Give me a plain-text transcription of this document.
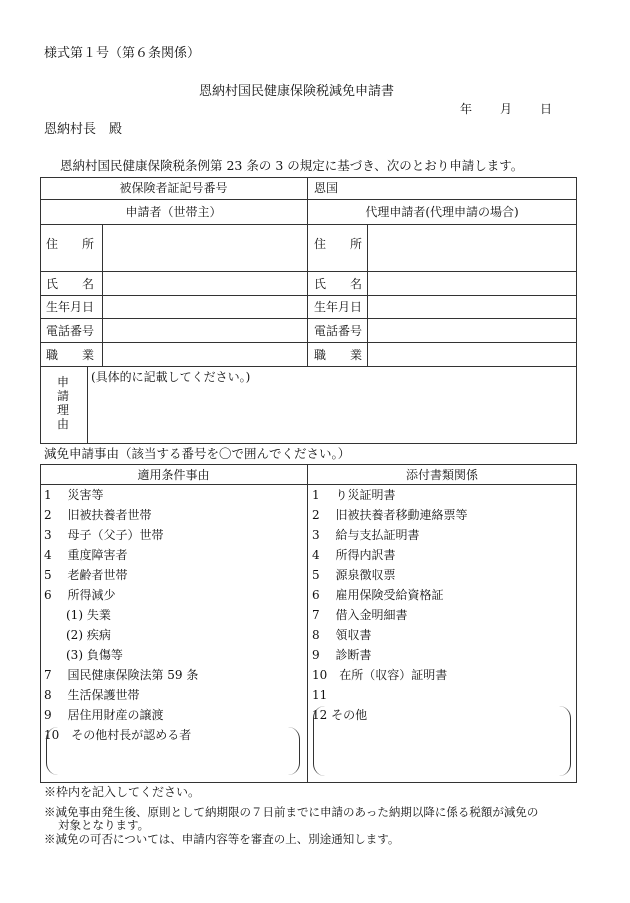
様式第１号（第６条関係）
恩納村国民健康保険税減免申請書
年 月 日
恩納村長　殿
恩納村国民健康保険税条例第 23 条の 3 の規定に基づき、次のとおり申請します。
被保険者証記号番号	恩国
申請者（世帯主）	代理申請者(代理申請の場合)
住　　所	住　　所
氏　　名	氏　　名
生年月日	生年月日
電話番号	電話番号
職　　業	職　　業
申
請
理
由
(具体的に記載してください。)
減免申請事由（該当する番号を〇で囲んでください。）
適用条件事由	添付書類関係
1　 災害等
2　 旧被扶養者世帯
3　 母子（父子）世帯
4　 重度障害者
5　 老齢者世帯
6　 所得減少
(1) 失業
(2) 疾病
(3) 負傷等
7　 国民健康保険法第 59 条
8　 生活保護世帯
9　 居住用財産の譲渡
10　その他村長が認める者
1　 り災証明書
2　 旧被扶養者移動連絡票等
3　 給与支払証明書
4　 所得内訳書
5　 源泉徴収票
6　 雇用保険受給資格証
7　 借入金明細書
8　 領収書
9　 診断書
10　在所（収容）証明書
11
12 その他
※枠内を記入してください。
※減免事由発生後、原則として納期限の７日前までに申請のあった納期以降に係る税額が減免の
対象となります。
※減免の可否については、申請内容等を審査の上、別途通知します。
